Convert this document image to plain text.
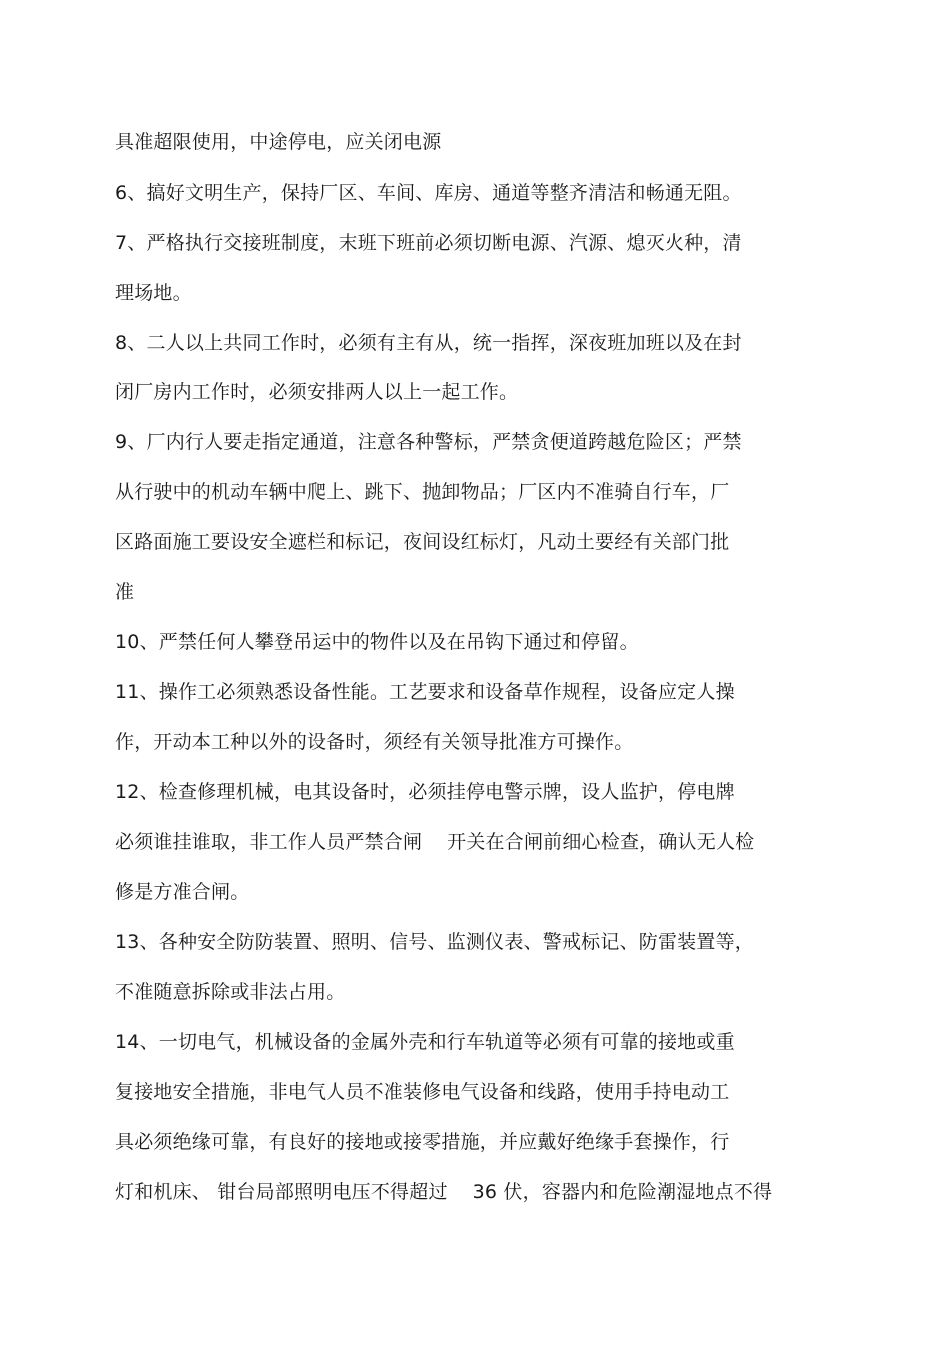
具准超限使用，中途停电，应关闭电源
6、搞好文明生产，保持厂区、车间、库房、通道等整齐清洁和畅通无阻。
7、严格执行交接班制度，末班下班前必须切断电源、汽源、熄灭火种，清
理场地。
8、二人以上共同工作时，必须有主有从，统一指挥，深夜班加班以及在封
闭厂房内工作时，必须安排两人以上一起工作。
9、厂内行人要走指定通道，注意各种警标，严禁贪便道跨越危险区；严禁
从行驶中的机动车辆中爬上、跳下、抛卸物品；厂区内不准骑自行车，厂
区路面施工要设安全遮栏和标记，夜间设红标灯，凡动土要经有关部门批
准
10、严禁任何人攀登吊运中的物件以及在吊钩下通过和停留。
11、操作工必须熟悉设备性能。工艺要求和设备草作规程，设备应定人操
作，开动本工种以外的设备时，须经有关领导批准方可操作。
12、检查修理机械，电其设备时，必须挂停电警示牌，设人监护，停电牌
必须谁挂谁取，非工作人员严禁合闸    开关在合闸前细心检查，确认无人检
修是方准合闸。
13、各种安全防防装置、照明、信号、监测仪表、警戒标记、防雷装置等，
不准随意拆除或非法占用。
14、一切电气，机械设备的金属外壳和行车轨道等必须有可靠的接地或重
复接地安全措施，非电气人员不准装修电气设备和线路，使用手持电动工
具必须绝缘可靠，有良好的接地或接零措施，并应戴好绝缘手套操作，行
灯和机床、 钳台局部照明电压不得超过    36 伏，容器内和危险潮湿地点不得
